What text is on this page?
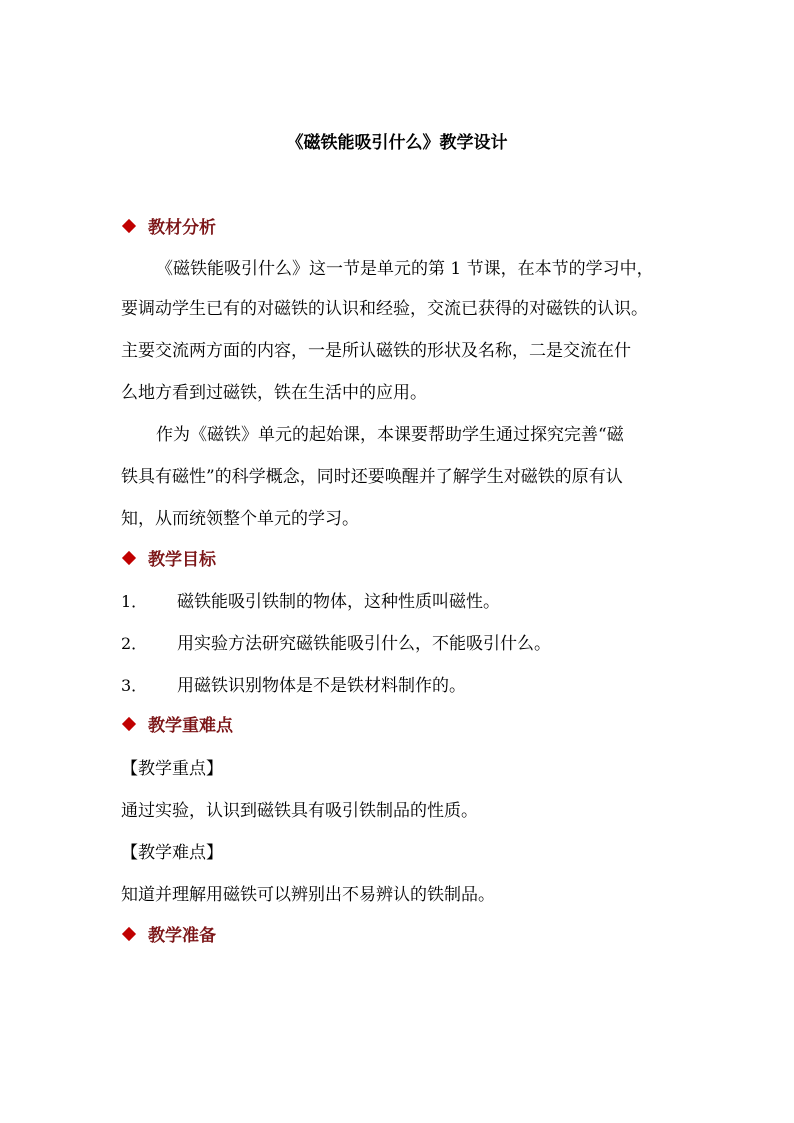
《磁铁能吸引什么》教学设计
教材分析
《磁铁能吸引什么》这一节是单元的第 1 节课，在本节的学习中，
要调动学生已有的对磁铁的认识和经验，交流已获得的对磁铁的认识。
主要交流两方面的内容，一是所认磁铁的形状及名称，二是交流在什
么地方看到过磁铁，铁在生活中的应用。
作为《磁铁》单元的起始课，本课要帮助学生通过探究完善“磁
铁具有磁性”的科学概念，同时还要唤醒并了解学生对磁铁的原有认
知，从而统领整个单元的学习。
教学目标
1． 磁铁能吸引铁制的物体，这种性质叫磁性。
2． 用实验方法研究磁铁能吸引什么，不能吸引什么。
3． 用磁铁识别物体是不是铁材料制作的。
教学重难点
【教学重点】
通过实验，认识到磁铁具有吸引铁制品的性质。
【教学难点】
知道并理解用磁铁可以辨别出不易辨认的铁制品。
教学准备
